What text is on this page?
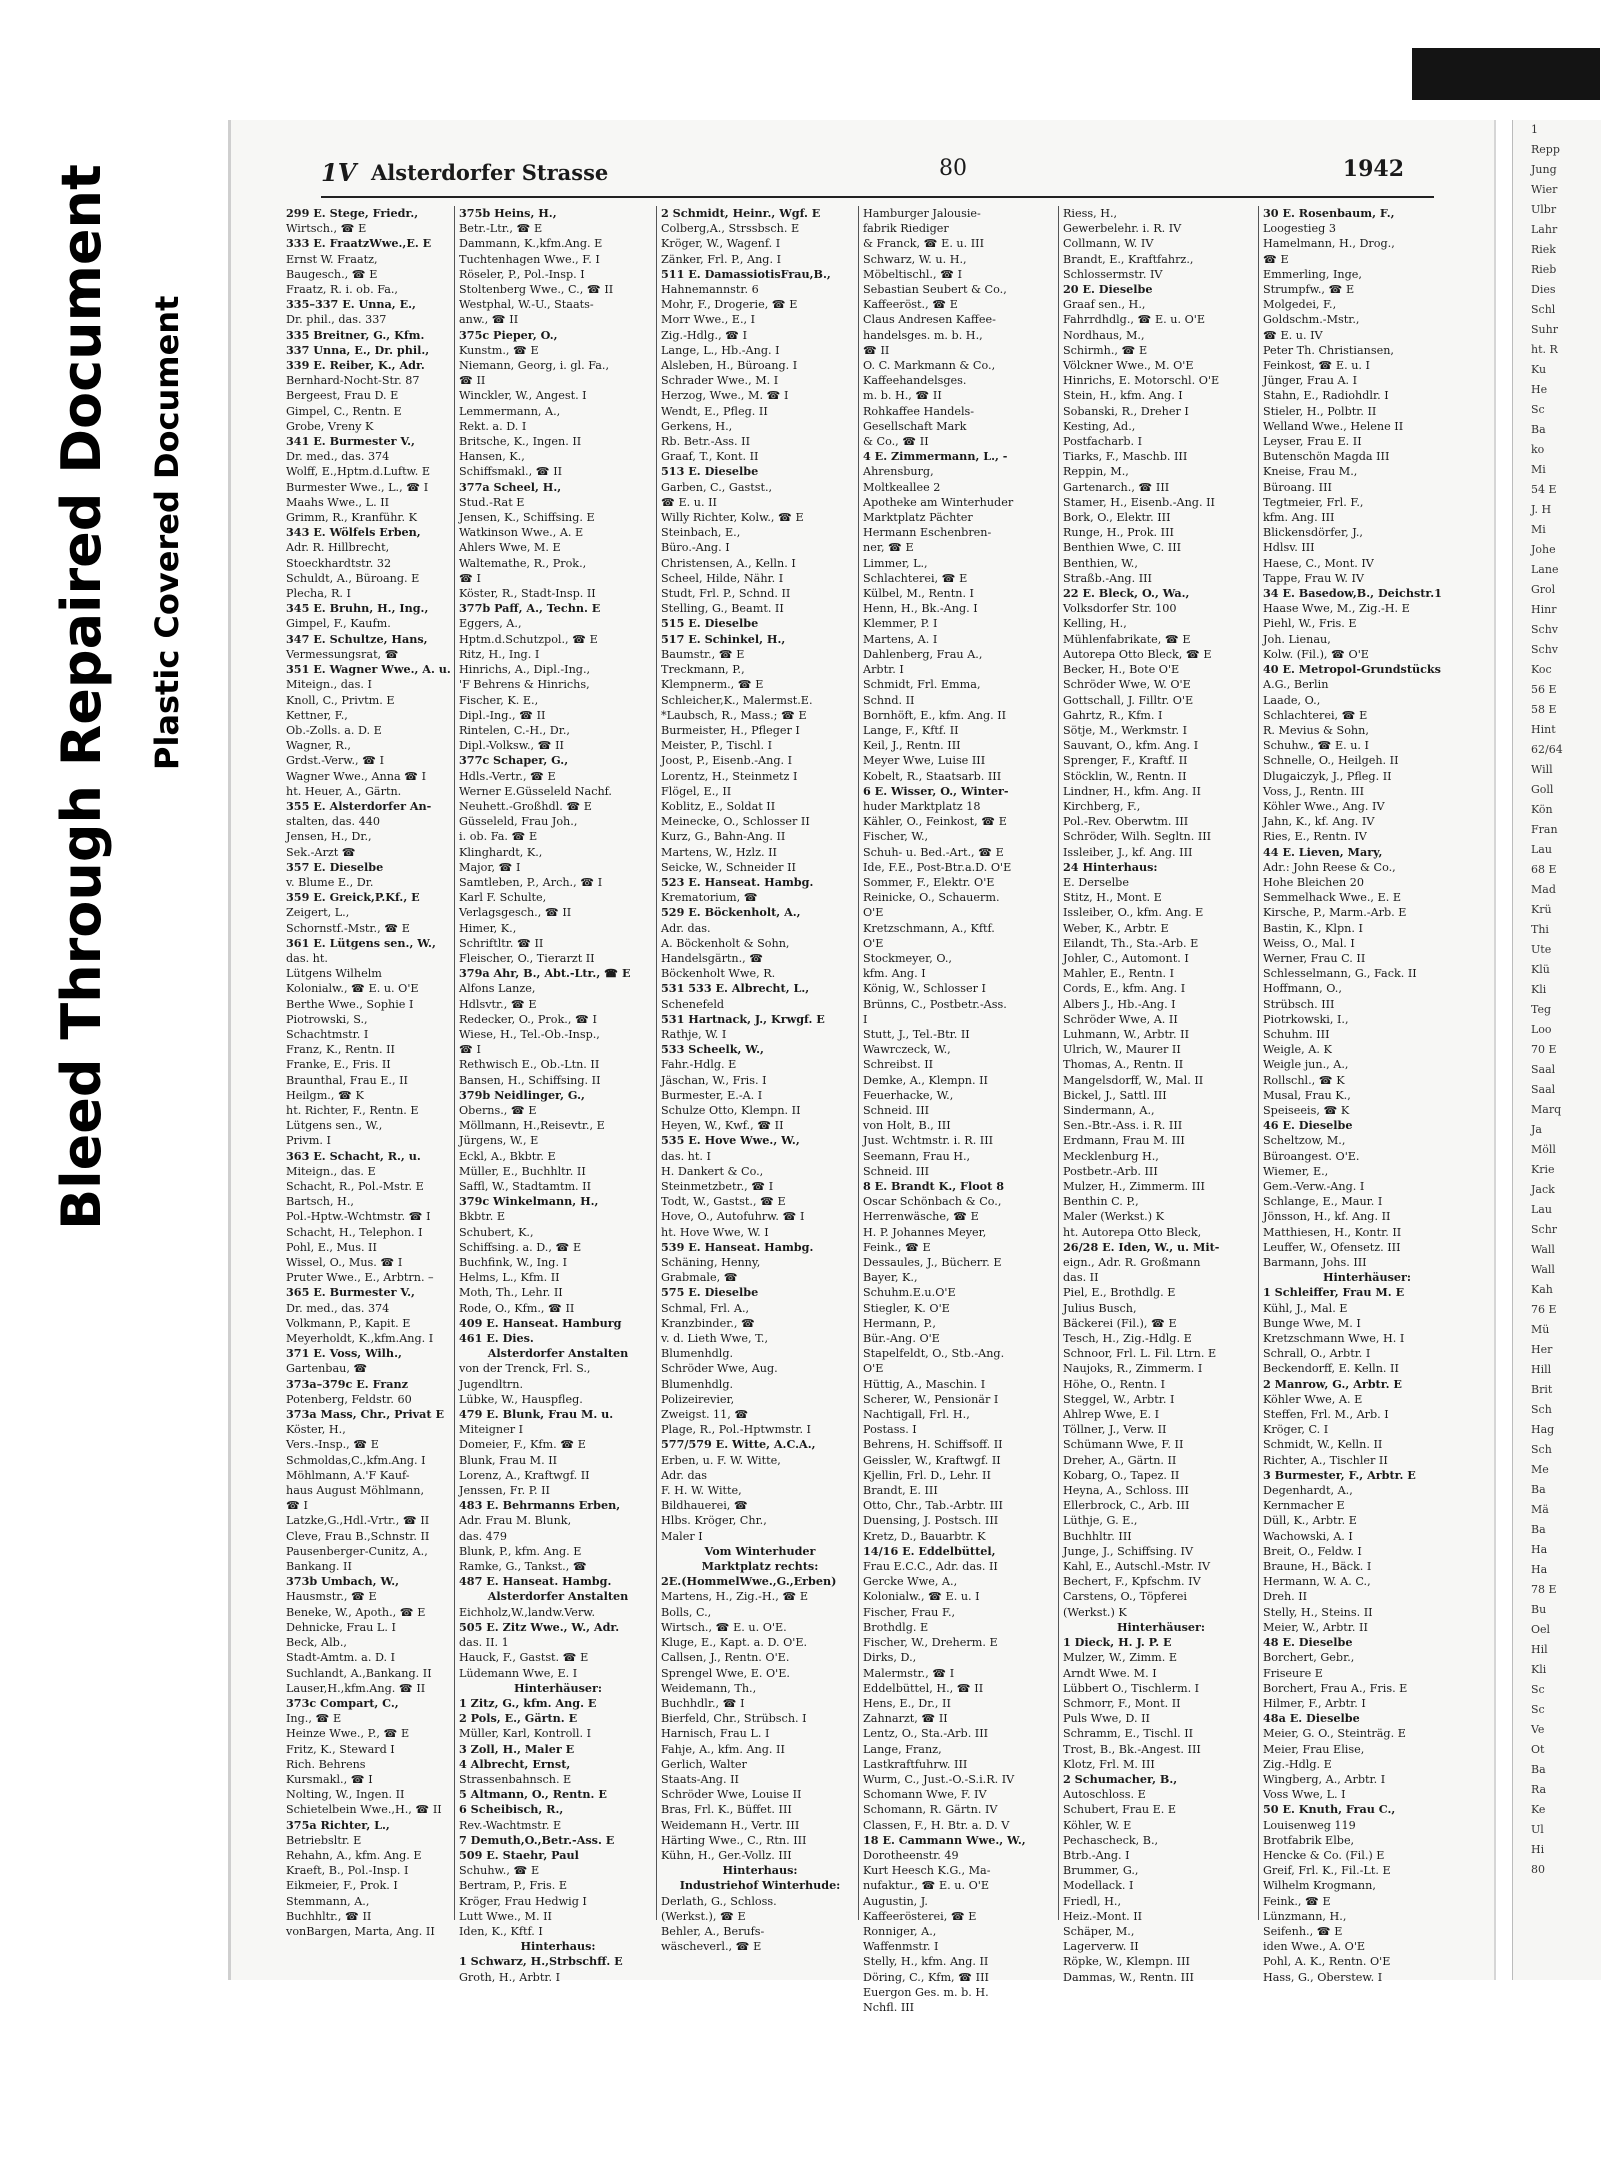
Bleed Through Repaired Document Plastic Covered Document
1
Repp
Jung
Wier
Ulbr
Lahr
Riek
Rieb
Dies
Schl
Suhr
ht. R
Ku
He
Sc
Ba
ko
Mi
54 E
J. H
Mi
Johe
Lane
Grol
Hinr
Schv
Schv
Koc
56 E
58 E
Hint
62/64
Will
Goll
Kön
Fran
Lau
68 E
Mad
Krü
Thi
Ute
Klü
Kli
Teg
Loo
70 E
Saal
Saal
Marq
Ja
Möll
Krie
Jack
Lau
Schr
Wall
Wall
Kah
76 E
Mü
Her
Hill
Brit
Sch
Hag
Sch
Me
Ba
Mä
Ba
Ha
Ha
78 E
Bu
Oel
Hil
Kli
Sc
Sc
Ve
Ot
Ba
Ra
Ke
Ul
Hi
80
1V Alsterdorfer Strasse	80	1942
299 E. Stege, Friedr.,
Wirtsch., ☎ E
333 E. FraatzWwe.,E. E
Ernst W. Fraatz,
Baugesch., ☎ E
Fraatz, R. i. ob. Fa.,
335–337 E. Unna, E.,
Dr. phil., das. 337
335 Breitner, G., Kfm.
337 Unna, E., Dr. phil.,
339 E. Reiber, K., Adr.
Bernhard-Nocht-Str. 87
Bergeest, Frau D. E
Gimpel, C., Rentn. E
Grobe, Vreny K
341 E. Burmester V.,
Dr. med., das. 374
Wolff, E.,Hptm.d.Luftw. E
Burmester Wwe., L., ☎ I
Maahs Wwe., L. II
Grimm, R., Kranführ. K
343 E. Wölfels Erben,
Adr. R. Hillbrecht,
Stoeckhardtstr. 32
Schuldt, A., Büroang. E
Plecha, R. I
345 E. Bruhn, H., Ing.,
Gimpel, F., Kaufm.
347 E. Schultze, Hans,
Vermessungsrat, ☎
351 E. Wagner Wwe., A. u.
Miteign., das. I
Knoll, C., Privtm. E
Kettner, F.,
Ob.-Zolls. a. D. E
Wagner, R.,
Grdst.-Verw., ☎ I
Wagner Wwe., Anna ☎ I
ht. Heuer, A., Gärtn.
355 E. Alsterdorfer An-
stalten, das. 440
Jensen, H., Dr.,
Sek.-Arzt ☎
357 E. Dieselbe
v. Blume E., Dr.
359 E. Greick,P.Kf., E
Zeigert, L.,
Schornstf.-Mstr., ☎ E
361 E. Lütgens sen., W.,
das. ht.
Lütgens Wilhelm
Kolonialw., ☎ E. u. O'E
Berthe Wwe., Sophie I
Piotrowski, S.,
Schachtmstr. I
Franz, K., Rentn. II
Franke, E., Fris. II
Braunthal, Frau E., II
Heilgm., ☎ K
ht. Richter, F., Rentn. E
Lütgens sen., W.,
Privm. I
363 E. Schacht, R., u.
Miteign., das. E
Schacht, R., Pol.-Mstr. E
Bartsch, H.,
Pol.-Hptw.-Wchtmstr. ☎ I
Schacht, H., Telephon. I
Pohl, E., Mus. II
Wissel, O., Mus. ☎ I
Pruter Wwe., E., Arbtrn. –
365 E. Burmester V.,
Dr. med., das. 374
Volkmann, P., Kapit. E
Meyerholdt, K.,kfm.Ang. I
371 E. Voss, Wilh.,
Gartenbau, ☎
373a–379c E. Franz
Potenberg, Feldstr. 60
373a Mass, Chr., Privat E
Köster, H.,
Vers.-Insp., ☎ E
Schmoldas,C.,kfm.Ang. I
Möhlmann, A.'F Kauf-
haus August Möhlmann,
☎ I
Latzke,G.,Hdl.-Vrtr., ☎ II
Cleve, Frau B.,Schnstr. II
Pausenberger-Cunitz, A.,
Bankang. II
373b Umbach, W.,
Hausmstr., ☎ E
Beneke, W., Apoth., ☎ E
Dehnicke, Frau L. I
Beck, Alb.,
Stadt-Amtm. a. D. I
Suchlandt, A.,Bankang. II
Lauser,H.,kfm.Ang. ☎ II
373c Compart, C.,
Ing., ☎ E
Heinze Wwe., P., ☎ E
Fritz, K., Steward I
Rich. Behrens
Kursmakl., ☎ I
Nolting, W., Ingen. II
Schietelbein Wwe.,H., ☎ II
375a Richter, L.,
Betriebsltr. E
Rehahn, A., kfm. Ang. E
Kraeft, B., Pol.-Insp. I
Eikmeier, F., Prok. I
Stemmann, A.,
Buchhltr., ☎ II
vonBargen, Marta, Ang. II
375b Heins, H.,
Betr.-Ltr., ☎ E
Dammann, K.,kfm.Ang. E
Tuchtenhagen Wwe., F. I
Röseler, P., Pol.-Insp. I
Stoltenberg Wwe., C., ☎ II
Westphal, W.-U., Staats-
anw., ☎ II
375c Pieper, O.,
Kunstm., ☎ E
Niemann, Georg, i. gl. Fa.,
☎ II
Winckler, W., Angest. I
Lemmermann, A.,
Rekt. a. D. I
Britsche, K., Ingen. II
Hansen, K.,
Schiffsmakl., ☎ II
377a Scheel, H.,
Stud.-Rat E
Jensen, K., Schiffsing. E
Watkinson Wwe., A. E
Ahlers Wwe, M. E
Waltemathe, R., Prok.,
☎ I
Köster, R., Stadt-Insp. II
377b Paff, A., Techn. E
Eggers, A.,
Hptm.d.Schutzpol., ☎ E
Ritz, H., Ing. I
Hinrichs, A., Dipl.-Ing.,
'F Behrens & Hinrichs,
Fischer, K. E.,
Dipl.-Ing., ☎ II
Rintelen, C.-H., Dr.,
Dipl.-Volksw., ☎ II
377c Schaper, G.,
Hdls.-Vertr., ☎ E
Werner E.Güsseleld Nachf.
Neuhett.-Großhdl. ☎ E
Güsseleld, Frau Joh.,
i. ob. Fa. ☎ E
Klinghardt, K.,
Major, ☎ I
Samtleben, P., Arch., ☎ I
Karl F. Schulte,
Verlagsgesch., ☎ II
Himer, K.,
Schriftltr. ☎ II
Fleischer, O., Tierarzt II
379a Ahr, B., Abt.-Ltr., ☎ E
Alfons Lanze,
Hdlsvtr., ☎ E
Redecker, O., Prok., ☎ I
Wiese, H., Tel.-Ob.-Insp.,
☎ I
Rethwisch E., Ob.-Ltn. II
Bansen, H., Schiffsing. II
379b Neidlinger, G.,
Oberns., ☎ E
Möllmann, H.,Reisevtr., E
Jürgens, W., E
Eckl, A., Bkbtr. E
Müller, E., Buchhltr. II
Saffl, W., Stadtamtm. II
379c Winkelmann, H.,
Bkbtr. E
Schubert, K.,
Schiffsing. a. D., ☎ E
Buchfink, W., Ing. I
Helms, L., Kfm. II
Moth, Th., Lehr. II
Rode, O., Kfm., ☎ II
409 E. Hanseat. Hamburg
461 E. Dies.
Alsterdorfer Anstalten
von der Trenck, Frl. S.,
Jugendltrn.
Lübke, W., Hauspfleg.
479 E. Blunk, Frau M. u.
Miteigner I
Domeier, F., Kfm. ☎ E
Blunk, Frau M. II
Lorenz, A., Kraftwgf. II
Jenssen, Fr. P. II
483 E. Behrmanns Erben,
Adr. Frau M. Blunk,
das. 479
Blunk, P., kfm. Ang. E
Ramke, G., Tankst., ☎
487 E. Hanseat. Hambg.
Alsterdorfer Anstalten
Eichholz,W.,landw.Verw.
505 E. Zitz Wwe., W., Adr.
das. II. 1
Hauck, F., Gastst. ☎ E
Lüdemann Wwe, E. I
Hinterhäuser:
1 Zitz, G., kfm. Ang. E
2 Pols, E., Gärtn. E
Müller, Karl, Kontroll. I
3 Zoll, H., Maler E
4 Albrecht, Ernst,
Strassenbahnsch. E
5 Altmann, O., Rentn. E
6 Scheibisch, R.,
Rev.-Wachtmstr. E
7 Demuth,O.,Betr.-Ass. E
509 E. Staehr, Paul
Schuhw., ☎ E
Bertram, P., Fris. E
Kröger, Frau Hedwig I
Lutt Wwe., M. II
Iden, K., Kftf. I
Hinterhaus:
1 Schwarz, H.,Strbschff. E
Groth, H., Arbtr. I
2 Schmidt, Heinr., Wgf. E
Colberg,A., Strssbsch. E
Kröger, W., Wagenf. I
Zänker, Frl. P., Ang. I
511 E. DamassiotisFrau,B.,
Hahnemannstr. 6
Mohr, F., Drogerie, ☎ E
Morr Wwe., E., I
Zig.-Hdlg., ☎ I
Lange, L., Hb.-Ang. I
Alsleben, H., Büroang. I
Schrader Wwe., M. I
Herzog, Wwe., M. ☎ I
Wendt, E., Pfleg. II
Gerkens, H.,
Rb. Betr.-Ass. II
Graaf, T., Kont. II
513 E. Dieselbe
Garben, C., Gastst.,
☎ E. u. II
Willy Richter, Kolw., ☎ E
Steinbach, E.,
Büro.-Ang. I
Christensen, A., Kelln. I
Scheel, Hilde, Nähr. I
Studt, Frl. P., Schnd. II
Stelling, G., Beamt. II
515 E. Dieselbe
517 E. Schinkel, H.,
Baumstr., ☎ E
Treckmann, P.,
Klempnerm., ☎ E
Schleicher,K., Malermst.E.
*Laubsch, R., Mass.; ☎ E
Burmeister, H., Pfleger I
Meister, P., Tischl. I
Joost, P., Eisenb.-Ang. I
Lorentz, H., Steinmetz I
Flögel, E., II
Koblitz, E., Soldat II
Meinecke, O., Schlosser II
Kurz, G., Bahn-Ang. II
Martens, W., Hzlz. II
Seicke, W., Schneider II
523 E. Hanseat. Hambg.
Krematorium, ☎
529 E. Böckenholt, A.,
Adr. das.
A. Böckenholt & Sohn,
Handelsgärtn., ☎
Böckenholt Wwe, R.
531 533 E. Albrecht, L.,
Schenefeld
531 Hartnack, J., Krwgf. E
Rathje, W. I
533 Scheelk, W.,
Fahr.-Hdlg. E
Jäschan, W., Fris. I
Burmester, E.-A. I
Schulze Otto, Klempn. II
Heyen, W., Kwf., ☎ II
535 E. Hove Wwe., W.,
das. ht. I
H. Dankert & Co.,
Steinmetzbetr., ☎ I
Todt, W., Gastst., ☎ E
Hove, O., Autofuhrw. ☎ I
ht. Hove Wwe, W. I
539 E. Hanseat. Hambg.
Schäning, Henny,
Grabmale, ☎
575 E. Dieselbe
Schmal, Frl. A.,
Kranzbinder., ☎
v. d. Lieth Wwe, T.,
Blumenhdlg.
Schröder Wwe, Aug.
Blumenhdlg.
Polizeirevier,
Zweigst. 11, ☎
Plage, R., Pol.-Hptwmstr. I
577/579 E. Witte, A.C.A.,
Erben, u. F. W. Witte,
Adr. das
F. H. W. Witte,
Bildhauerei, ☎
Hlbs. Kröger, Chr.,
Maler I
Vom Winterhuder
Marktplatz rechts:
2E.(HommelWwe.,G.,Erben)
Martens, H., Zig.-H., ☎ E
Bolls, C.,
Wirtsch., ☎ E. u. O'E.
Kluge, E., Kapt. a. D. O'E.
Callsen, J., Rentn. O'E.
Sprengel Wwe, E. O'E.
Weidemann, Th.,
Buchhdlr., ☎ I
Bierfeld, Chr., Strübsch. I
Harnisch, Frau L. I
Fahje, A., kfm. Ang. II
Gerlich, Walter
Staats-Ang. II
Schröder Wwe, Louise II
Bras, Frl. K., Büffet. III
Weidemann H., Vertr. III
Härting Wwe., C., Rtn. III
Kühn, H., Ger.-Vollz. III
Hinterhaus:
Industriehof Winterhude:
Derlath, G., Schloss.
(Werkst.), ☎ E
Behler, A., Berufs-
wäscheverl., ☎ E
Hamburger Jalousie-
fabrik Riediger
& Franck, ☎ E. u. III
Schwarz, W. u. H.,
Möbeltischl., ☎ I
Sebastian Seubert & Co.,
Kaffeeröst., ☎ E
Claus Andresen Kaffee-
handelsges. m. b. H.,
☎ II
O. C. Markmann & Co.,
Kaffeehandelsges.
m. b. H., ☎ II
Rohkaffee Handels-
Gesellschaft Mark
& Co., ☎ II
4 E. Zimmermann, L., -
Ahrensburg,
Moltkeallee 2
Apotheke am Winterhuder
Marktplatz Pächter
Hermann Eschenbren-
ner, ☎ E
Limmer, L.,
Schlachterei, ☎ E
Külbel, M., Rentn. I
Henn, H., Bk.-Ang. I
Klemmer, P. I
Martens, A. I
Dahlenberg, Frau A.,
Arbtr. I
Schmidt, Frl. Emma,
Schnd. II
Bornhöft, E., kfm. Ang. II
Lange, F., Kftf. II
Keil, J., Rentn. III
Meyer Wwe, Luise III
Kobelt, R., Staatsarb. III
6 E. Wisser, O., Winter-
huder Marktplatz 18
Kähler, O., Feinkost, ☎ E
Fischer, W.,
Schuh- u. Bed.-Art., ☎ E
Ide, F.E., Post-Btr.a.D. O'E
Sommer, F., Elektr. O'E
Reinicke, O., Schauerm.
O'E
Kretzschmann, A., Kftf.
O'E
Stockmeyer, O.,
kfm. Ang. I
König, W., Schlosser I
Brünns, C., Postbetr.-Ass.
I
Stutt, J., Tel.-Btr. II
Wawrczeck, W.,
Schreibst. II
Demke, A., Klempn. II
Feuerhacke, W.,
Schneid. III
von Holt, B., III
Just. Wchtmstr. i. R. III
Seemann, Frau H.,
Schneid. III
8 E. Brandt K., Floot 8
Oscar Schönbach & Co.,
Herrenwäsche, ☎ E
H. P. Johannes Meyer,
Feink., ☎ E
Dessaules, J., Bücherr. E
Bayer, K.,
Schuhm.E.u.O'E
Stiegler, K. O'E
Hermann, P.,
Bür.-Ang. O'E
Stapelfeldt, O., Stb.-Ang.
O'E
Hüttig, A., Maschin. I
Scherer, W., Pensionär I
Nachtigall, Frl. H.,
Postass. I
Behrens, H. Schiffsoff. II
Geissler, W., Kraftwgf. II
Kjellin, Frl. D., Lehr. II
Brandt, E. III
Otto, Chr., Tab.-Arbtr. III
Duensing, J. Postsch. III
Kretz, D., Bauarbtr. K
14/16 E. Eddelbüttel,
Frau E.C.C., Adr. das. II
Gercke Wwe, A.,
Kolonialw., ☎ E. u. I
Fischer, Frau F.,
Brothdlg. E
Fischer, W., Dreherm. E
Dirks, D.,
Malermstr., ☎ I
Eddelbüttel, H., ☎ II
Hens, E., Dr., II
Zahnarzt, ☎ II
Lentz, O., Sta.-Arb. III
Lange, Franz,
Lastkraftfuhrw. III
Wurm, C., Just.-O.-S.i.R. IV
Schomann Wwe, F. IV
Schomann, R. Gärtn. IV
Classen, F., H. Btr. a. D. V
18 E. Cammann Wwe., W.,
Dorotheenstr. 49
Kurt Heesch K.G., Ma-
nufaktur., ☎ E. u. O'E
Augustin, J.
Kaffeerösterei, ☎ E
Ronniger, A.,
Waffenmstr. I
Stelly, H., kfm. Ang. II
Döring, C., Kfm, ☎ III
Euergon Ges. m. b. H.
Nchfl. III
Riess, H.,
Gewerbelehr. i. R. IV
Collmann, W. IV
Brandt, E., Kraftfahrz.,
Schlossermstr. IV
20 E. Dieselbe
Graaf sen., H.,
Fahrrdhdlg., ☎ E. u. O'E
Nordhaus, M.,
Schirmh., ☎ E
Völckner Wwe., M. O'E
Hinrichs, E. Motorschl. O'E
Stein, H., kfm. Ang. I
Sobanski, R., Dreher I
Kesting, Ad.,
Postfacharb. I
Tiarks, F., Maschb. III
Reppin, M.,
Gartenarch., ☎ III
Stamer, H., Eisenb.-Ang. II
Bork, O., Elektr. III
Runge, H., Prok. III
Benthien Wwe, C. III
Benthien, W.,
Straßb.-Ang. III
22 E. Bleck, O., Wa.,
Volksdorfer Str. 100
Kelling, H.,
Mühlenfabrikate, ☎ E
Autorepa Otto Bleck, ☎ E
Becker, H., Bote O'E
Schröder Wwe, W. O'E
Gottschall, J. Filltr. O'E
Gahrtz, R., Kfm. I
Sötje, M., Werkmstr. I
Sauvant, O., kfm. Ang. I
Sprenger, F., Kraftf. II
Stöcklin, W., Rentn. II
Lindner, H., kfm. Ang. II
Kirchberg, F.,
Pol.-Rev. Oberwtm. III
Schröder, Wilh. Segltn. III
Issleiber, J., kf. Ang. III
24 Hinterhaus:
E. Derselbe
Stitz, H., Mont. E
Issleiber, O., kfm. Ang. E
Weber, K., Arbtr. E
Eilandt, Th., Sta.-Arb. E
Johler, C., Automont. I
Mahler, E., Rentn. I
Cords, E., kfm. Ang. I
Albers J., Hb.-Ang. I
Schröder Wwe, A. II
Luhmann, W., Arbtr. II
Ulrich, W., Maurer II
Thomas, A., Rentn. II
Mangelsdorff, W., Mal. II
Bickel, J., Sattl. III
Sindermann, A.,
Sen.-Btr.-Ass. i. R. III
Erdmann, Frau M. III
Mecklenburg H.,
Postbetr.-Arb. III
Mulzer, H., Zimmerm. III
Benthin C. P.,
Maler (Werkst.) K
ht. Autorepa Otto Bleck,
26/28 E. Iden, W., u. Mit-
eign., Adr. R. Großmann
das. II
Piel, E., Brothdlg. E
Julius Busch,
Bäckerei (Fil.), ☎ E
Tesch, H., Zig.-Hdlg. E
Schnoor, Frl. L. Fil. Ltrn. E
Naujoks, R., Zimmerm. I
Höhe, O., Rentn. I
Steggel, W., Arbtr. I
Ahlrep Wwe, E. I
Töllner, J., Verw. II
Schümann Wwe, F. II
Dreher, A., Gärtn. II
Kobarg, O., Tapez. II
Heyna, A., Schloss. III
Ellerbrock, C., Arb. III
Lüthje, G. E.,
Buchhltr. III
Junge, J., Schiffsing. IV
Kahl, E., Autschl.-Mstr. IV
Bechert, F., Kpfschm. IV
Carstens, O., Töpferei
(Werkst.) K
Hinterhäuser:
1 Dieck, H. J. P. E
Mulzer, W., Zimm. E
Arndt Wwe. M. I
Lübbert O., Tischlerm. I
Schmorr, F., Mont. II
Puls Wwe, D. II
Schramm, E., Tischl. II
Trost, B., Bk.-Angest. III
Klotz, Frl. M. III
2 Schumacher, B.,
Autoschloss. E
Schubert, Frau E. E
Köhler, W. E
Pechascheck, B.,
Btrb.-Ang. I
Brummer, G.,
Modellack. I
Friedl, H.,
Heiz.-Mont. II
Schäper, M.,
Lagerverw. II
Röpke, W., Klempn. III
Dammas, W., Rentn. III
30 E. Rosenbaum, F.,
Loogestieg 3
Hamelmann, H., Drog.,
☎ E
Emmerling, Inge,
Strumpfw., ☎ E
Molgedei, F.,
Goldschm.-Mstr.,
☎ E. u. IV
Peter Th. Christiansen,
Feinkost, ☎ E. u. I
Jünger, Frau A. I
Stahn, E., Radiohdlr. I
Stieler, H., Polbtr. II
Welland Wwe., Helene II
Leyser, Frau E. II
Butenschön Magda III
Kneise, Frau M.,
Büroang. III
Tegtmeier, Frl. F.,
kfm. Ang. III
Blickensdörfer, J.,
Hdlsv. III
Haese, C., Mont. IV
Tappe, Frau W. IV
34 E. Basedow,B., Deichstr.1
Haase Wwe, M., Zig.-H. E
Piehl, W., Fris. E
Joh. Lienau,
Kolw. (Fil.), ☎ O'E
40 E. Metropol-Grundstücks
A.G., Berlin
Laade, O.,
Schlachterei, ☎ E
R. Mevius & Sohn,
Schuhw., ☎ E. u. I
Schnelle, O., Heilgeh. II
Dlugaiczyk, J., Pfleg. II
Voss, J., Rentn. III
Köhler Wwe., Ang. IV
Jahn, K., kf. Ang. IV
Ries, E., Rentn. IV
44 E. Lieven, Mary,
Adr.: John Reese & Co.,
Hohe Bleichen 20
Semmelhack Wwe., E. E
Kirsche, P., Marm.-Arb. E
Bastin, K., Klpn. I
Weiss, O., Mal. I
Werner, Frau C. II
Schlesselmann, G., Fack. II
Hoffmann, O.,
Strübsch. III
Piotrkowski, I.,
Schuhm. III
Weigle, A. K
Weigle jun., A.,
Rollschl., ☎ K
Musal, Frau K.,
Speiseeis, ☎ K
46 E. Dieselbe
Scheltzow, M.,
Büroangest. O'E.
Wiemer, E.,
Gem.-Verw.-Ang. I
Schlange, E., Maur. I
Jönsson, H., kf. Ang. II
Matthiesen, H., Kontr. II
Leuffer, W., Ofensetz. III
Barmann, Johs. III
Hinterhäuser:
1 Schleiffer, Frau M. E
Kühl, J., Mal. E
Bunge Wwe, M. I
Kretzschmann Wwe, H. I
Schrall, O., Arbtr. I
Beckendorff, E. Kelln. II
2 Manrow, G., Arbtr. E
Köhler Wwe, A. E
Steffen, Frl. M., Arb. I
Kröger, C. I
Schmidt, W., Kelln. II
Richter, A., Tischler II
3 Burmester, F., Arbtr. E
Degenhardt, A.,
Kernmacher E
Düll, K., Arbtr. E
Wachowski, A. I
Breit, O., Feldw. I
Braune, H., Bäck. I
Hermann, W. A. C.,
Dreh. II
Stelly, H., Steins. II
Meier, W., Arbtr. II
48 E. Dieselbe
Borchert, Gebr.,
Friseure E
Borchert, Frau A., Fris. E
Hilmer, F., Arbtr. I
48a E. Dieselbe
Meier, G. O., Steinträg. E
Meier, Frau Elise,
Zig.-Hdlg. E
Wingberg, A., Arbtr. I
Voss Wwe, L. I
50 E. Knuth, Frau C.,
Louisenweg 119
Brotfabrik Elbe,
Hencke & Co. (Fil.) E
Greif, Frl. K., Fil.-Lt. E
Wilhelm Krogmann,
Feink., ☎ E
Lünzmann, H.,
Seifenh., ☎ E
iden Wwe., A. O'E
Pohl, A. K., Rentn. O'E
Hass, G., Oberstew. I
